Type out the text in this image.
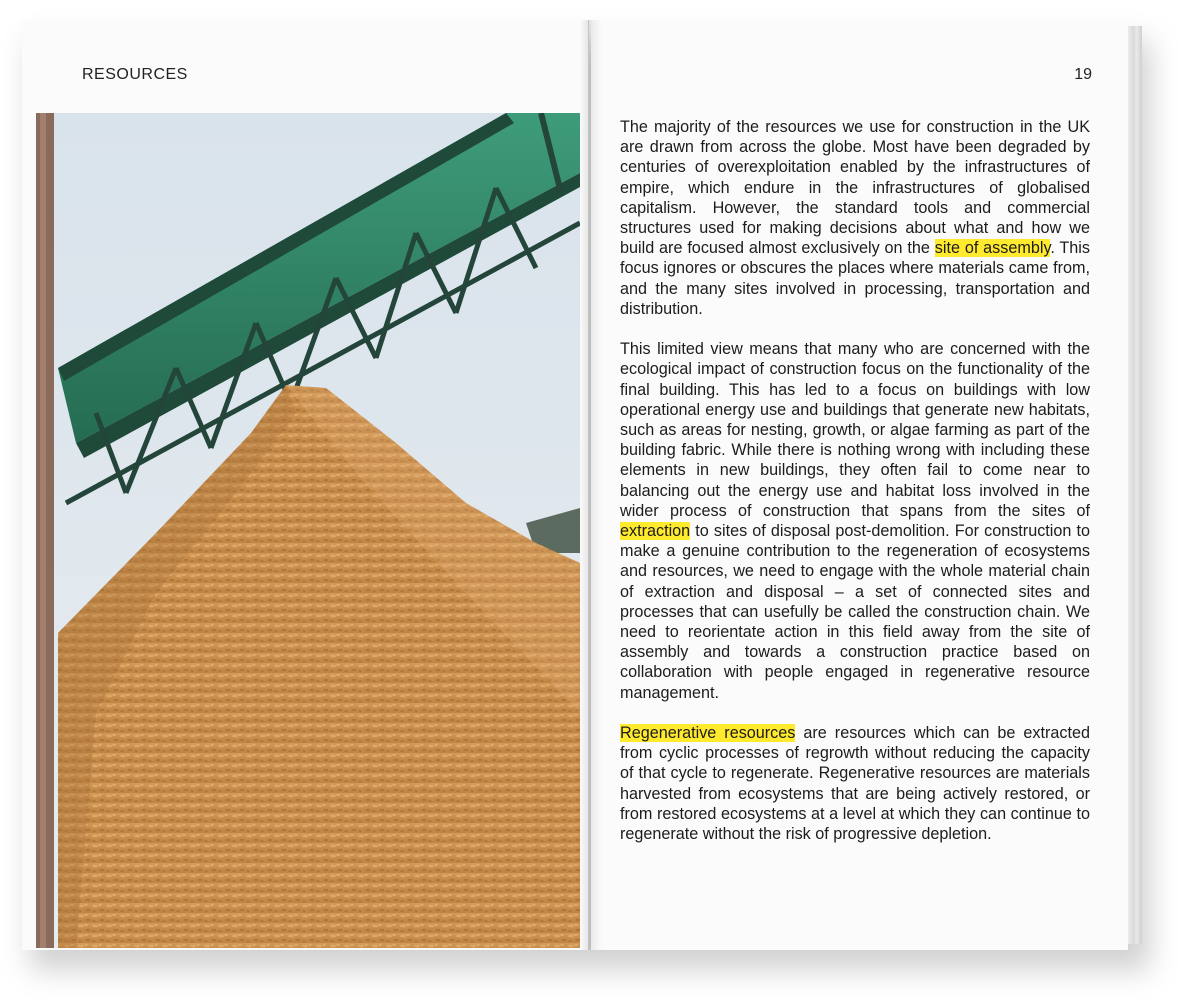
RESOURCES	19

The majority of the resources we use for construction in the UK are drawn from across the globe. Most have been degraded by centuries of overexploitation enabled by the infrastructures of empire, which endure in the infrastructures of globalised capitalism. However, the standard tools and commercial structures used for making decisions about what and how we build are focused almost exclusively on the site of assembly. This focus ignores or obscures the places where materials came from, and the many sites involved in processing, transportation and distribution.

This limited view means that many who are concerned with the ecological impact of construction focus on the functionality of the final building. This has led to a focus on buildings with low operational energy use and buildings that generate new habitats, such as areas for nesting, growth, or algae farming as part of the building fabric. While there is nothing wrong with including these elements in new buildings, they often fail to come near to balancing out the energy use and habitat loss involved in the wider process of construction that spans from the sites of extraction to sites of disposal post-demolition. For construction to make a genuine contribution to the regeneration of ecosystems and resources, we need to engage with the whole material chain of extraction and disposal – a set of connected sites and processes that can usefully be called the construction chain. We need to reorientate action in this field away from the site of assembly and towards a construction practice based on collaboration with people engaged in regenerative resource management.

Regenerative resources are resources which can be extracted from cyclic processes of regrowth without reducing the capacity of that cycle to regenerate. Regenerative resources are materials harvested from ecosystems that are being actively restored, or from restored ecosystems at a level at which they can continue to regenerate without the risk of progressive depletion.
